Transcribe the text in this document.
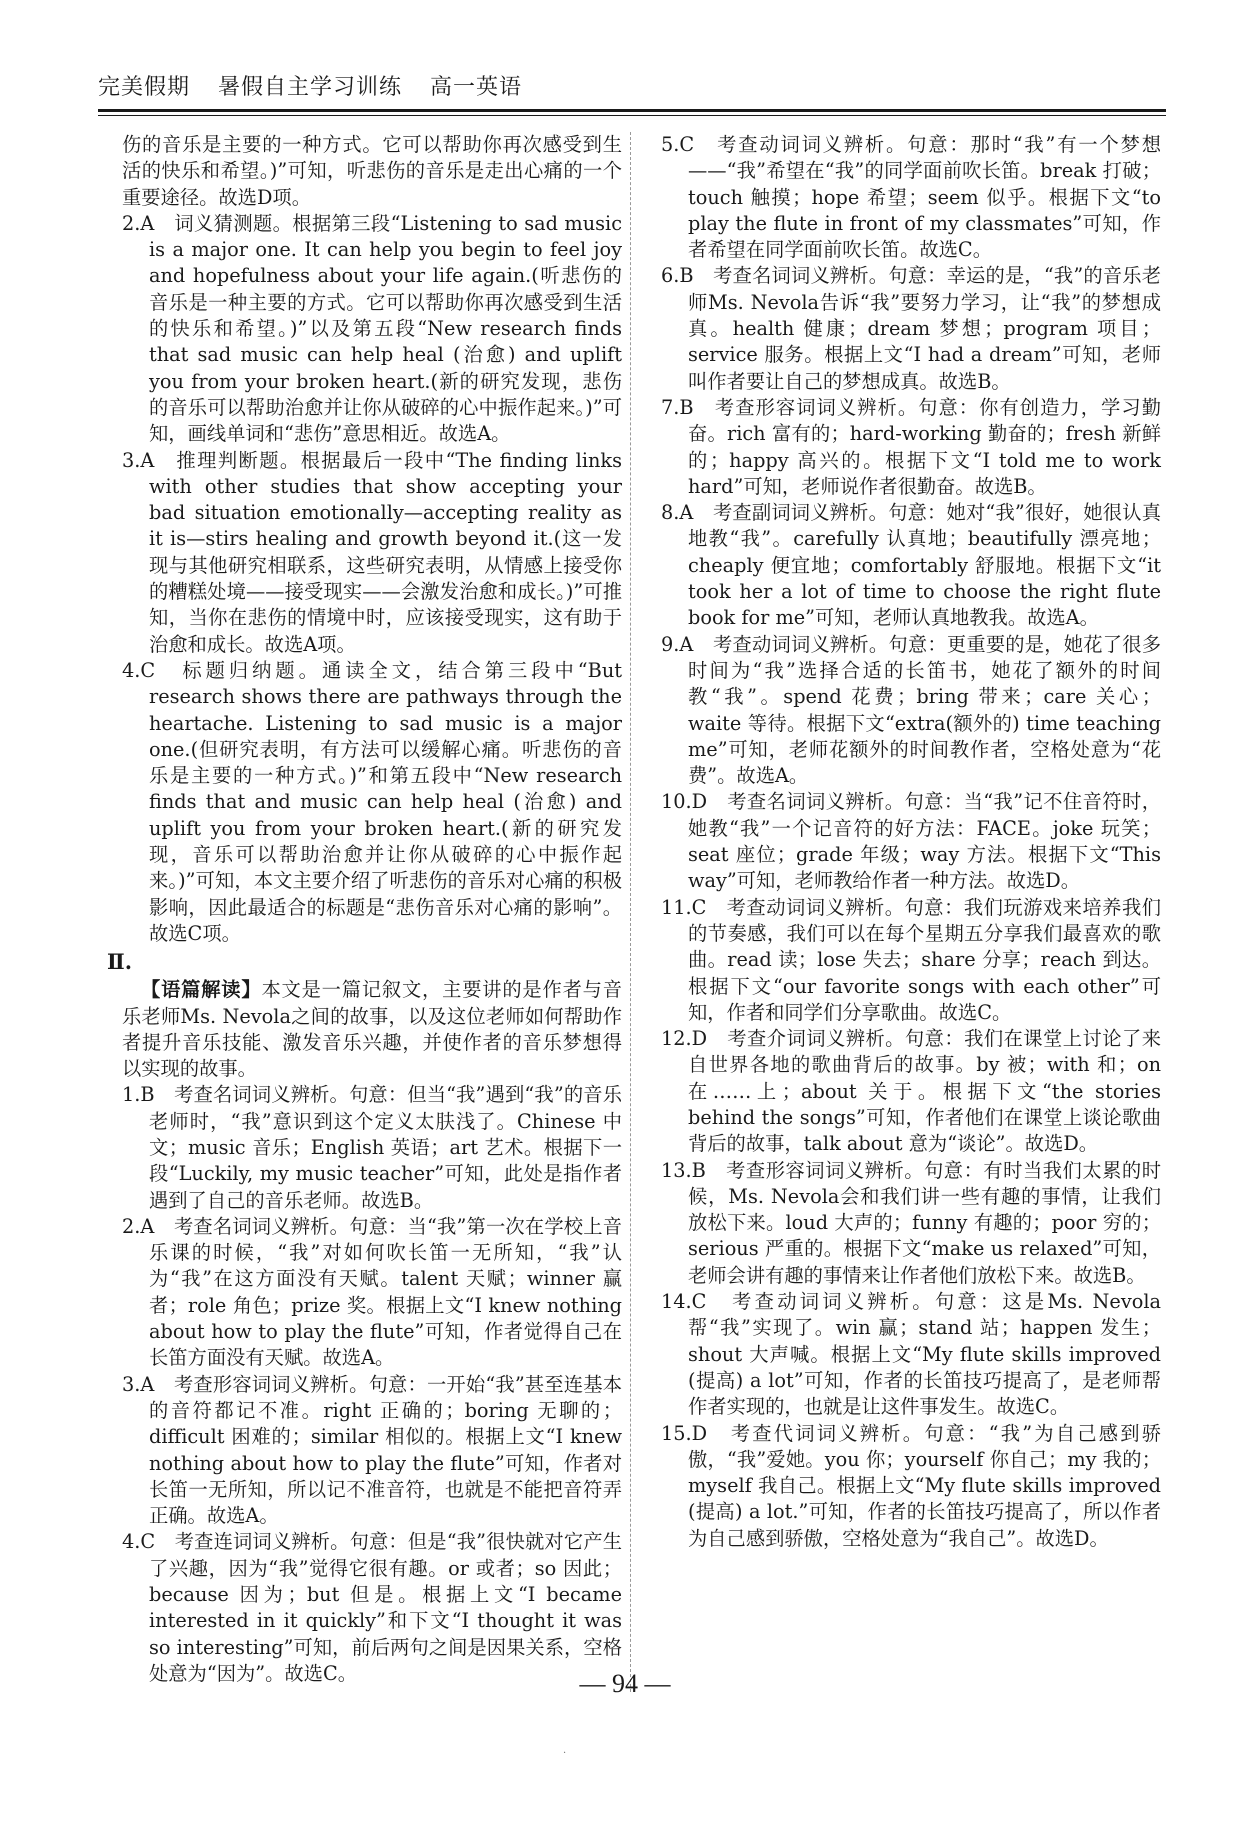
完美假期 暑假自主学习训练 高一英语

伤的音乐是主要的一种方式。它可以帮助你再次感受到生活的快乐和希望。)”可知，听悲伤的音乐是走出心痛的一个重要途径。故选D项。

2.A　词义猜测题。根据第三段“Listening to sad music is a major one. It can help you begin to feel joy and hopefulness about your life again.(听悲伤的音乐是一种主要的方式。它可以帮助你再次感受到生活的快乐和希望。)”以及第五段“New research finds that sad music can help heal (治愈) and uplift you from your broken heart.(新的研究发现，悲伤的音乐可以帮助治愈并让你从破碎的心中振作起来。)”可知，画线单词和“悲伤”意思相近。故选A。

3.A　推理判断题。根据最后一段中“The finding links with other studies that show accepting your bad situation emotionally—accepting reality as it is—stirs healing and growth beyond it.(这一发现与其他研究相联系，这些研究表明，从情感上接受你的糟糕处境——接受现实——会激发治愈和成长。)”可推知，当你在悲伤的情境中时，应该接受现实，这有助于治愈和成长。故选A项。

4.C　标题归纳题。通读全文，结合第三段中“But research shows there are pathways through the heartache. Listening to sad music is a major one.(但研究表明，有方法可以缓解心痛。听悲伤的音乐是主要的一种方式。)”和第五段中“New research finds that and music can help heal (治愈) and uplift you from your broken heart.(新的研究发现，音乐可以帮助治愈并让你从破碎的心中振作起来。)”可知，本文主要介绍了听悲伤的音乐对心痛的积极影响，因此最适合的标题是“悲伤音乐对心痛的影响”。故选C项。

Ⅱ.

【语篇解读】本文是一篇记叙文，主要讲的是作者与音乐老师Ms. Nevola之间的故事，以及这位老师如何帮助作者提升音乐技能、激发音乐兴趣，并使作者的音乐梦想得以实现的故事。

1.B　考查名词词义辨析。句意：但当“我”遇到“我”的音乐老师时，“我”意识到这个定义太肤浅了。Chinese 中文；music 音乐；English 英语；art 艺术。根据下一段“Luckily, my music teacher”可知，此处是指作者遇到了自己的音乐老师。故选B。

2.A　考查名词词义辨析。句意：当“我”第一次在学校上音乐课的时候，“我”对如何吹长笛一无所知，“我”认为“我”在这方面没有天赋。talent 天赋；winner 赢者；role 角色；prize 奖。根据上文“I knew nothing about how to play the flute”可知，作者觉得自己在长笛方面没有天赋。故选A。

3.A　考查形容词词义辨析。句意：一开始“我”甚至连基本的音符都记不准。right 正确的；boring 无聊的；difficult 困难的；similar 相似的。根据上文“I knew nothing about how to play the flute”可知，作者对长笛一无所知，所以记不准音符，也就是不能把音符弄正确。故选A。

4.C　考查连词词义辨析。句意：但是“我”很快就对它产生了兴趣，因为“我”觉得它很有趣。or 或者；so 因此；because 因为；but 但是。根据上文“I became interested in it quickly”和下文“I thought it was so interesting”可知，前后两句之间是因果关系，空格处意为“因为”。故选C。

5.C　考查动词词义辨析。句意：那时“我”有一个梦想——“我”希望在“我”的同学面前吹长笛。break 打破；touch 触摸；hope 希望；seem 似乎。根据下文“to play the flute in front of my classmates”可知，作者希望在同学面前吹长笛。故选C。

6.B　考查名词词义辨析。句意：幸运的是，“我”的音乐老师Ms. Nevola告诉“我”要努力学习，让“我”的梦想成真。health 健康；dream 梦想；program 项目；service 服务。根据上文“I had a dream”可知，老师叫作者要让自己的梦想成真。故选B。

7.B　考查形容词词义辨析。句意：你有创造力，学习勤奋。rich 富有的；hard-working 勤奋的；fresh 新鲜的；happy 高兴的。根据下文“I told me to work hard”可知，老师说作者很勤奋。故选B。

8.A　考查副词词义辨析。句意：她对“我”很好，她很认真地教“我”。carefully 认真地；beautifully 漂亮地；cheaply 便宜地；comfortably 舒服地。根据下文“it took her a lot of time to choose the right flute book for me”可知，老师认真地教我。故选A。

9.A　考查动词词义辨析。句意：更重要的是，她花了很多时间为“我”选择合适的长笛书，她花了额外的时间教“我”。spend 花费；bring 带来；care 关心；waite 等待。根据下文“extra(额外的) time teaching me”可知，老师花额外的时间教作者，空格处意为“花费”。故选A。

10.D　考查名词词义辨析。句意：当“我”记不住音符时，她教“我”一个记音符的好方法：FACE。joke 玩笑；seat 座位；grade 年级；way 方法。根据下文“This way”可知，老师教给作者一种方法。故选D。

11.C　考查动词词义辨析。句意：我们玩游戏来培养我们的节奏感，我们可以在每个星期五分享我们最喜欢的歌曲。read 读；lose 失去；share 分享；reach 到达。根据下文“our favorite songs with each other”可知，作者和同学们分享歌曲。故选C。

12.D　考查介词词义辨析。句意：我们在课堂上讨论了来自世界各地的歌曲背后的故事。by 被；with 和；on 在……上；about 关于。根据下文“the stories behind the songs”可知，作者他们在课堂上谈论歌曲背后的故事，talk about 意为“谈论”。故选D。

13.B　考查形容词词义辨析。句意：有时当我们太累的时候，Ms. Nevola会和我们讲一些有趣的事情，让我们放松下来。loud 大声的；funny 有趣的；poor 穷的；serious 严重的。根据下文“make us relaxed”可知，老师会讲有趣的事情来让作者他们放松下来。故选B。

14.C　考查动词词义辨析。句意：这是Ms. Nevola帮“我”实现了。win 赢；stand 站；happen 发生；shout 大声喊。根据上文“My flute skills improved (提高) a lot”可知，作者的长笛技巧提高了，是老师帮作者实现的，也就是让这件事发生。故选C。

15.D　考查代词词义辨析。句意：“我”为自己感到骄傲，“我”爱她。you 你；yourself 你自己；my 我的；myself 我自己。根据上文“My flute skills improved (提高) a lot.”可知，作者的长笛技巧提高了，所以作者为自己感到骄傲，空格处意为“我自己”。故选D。

— 94 —
·
